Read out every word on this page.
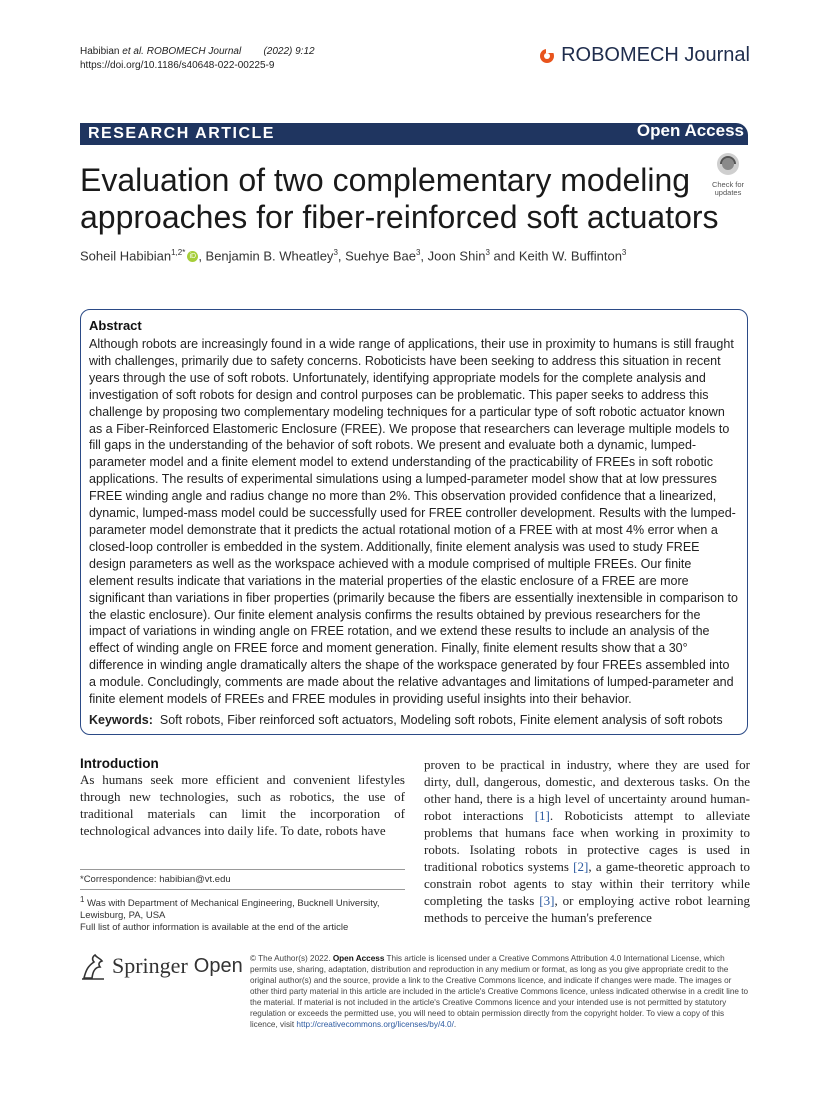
Habibian et al. ROBOMECH Journal (2022) 9:12
https://doi.org/10.1186/s40648-022-00225-9	ROBOMECH Journal
RESEARCH ARTICLE	Open Access
Evaluation of two complementary modeling approaches for fiber-reinforced soft actuators
Check for
updates
Soheil Habibian$^{1,2*}$ iD , Benjamin B. Wheatley$^3$, Suehye Bae$^3$, Joon Shin$^3$ and Keith W. Buffinton$^3$
Abstract
Although robots are increasingly found in a wide range of applications, their use in proximity to humans is still fraught with challenges, primarily due to safety concerns. Roboticists have been seeking to address this situation in recent years through the use of soft robots. Unfortunately, identifying appropriate models for the complete analysis and investigation of soft robots for design and control purposes can be problematic. This paper seeks to address this challenge by proposing two complementary modeling techniques for a particular type of soft robotic actuator known as a Fiber-Reinforced Elastomeric Enclosure (FREE). We propose that researchers can leverage multiple models to fill gaps in the understanding of the behavior of soft robots. We present and evaluate both a dynamic, lumped-parameter model and a finite element model to extend understanding of the practicability of FREEs in soft robotic applications. The results of experimental simulations using a lumped-parameter model show that at low pressures FREE winding angle and radius change no more than 2%. This observation provided confidence that a linearized, dynamic, lumped-mass model could be successfully used for FREE controller development. Results with the lumped-parameter model demonstrate that it predicts the actual rotational motion of a FREE with at most 4% error when a closed-loop controller is embedded in the system. Additionally, finite element analysis was used to study FREE design parameters as well as the workspace achieved with a module comprised of multiple FREEs. Our finite element results indicate that variations in the material properties of the elastic enclosure of a FREE are more significant than variations in fiber properties (primarily because the fibers are essentially inextensible in comparison to the elastic enclosure). Our finite element analysis confirms the results obtained by previous researchers for the impact of variations in winding angle on FREE rotation, and we extend these results to include an analysis of the effect of winding angle on FREE force and moment generation. Finally, finite element results show that a 30° difference in winding angle dramatically alters the shape of the workspace generated by four FREEs assembled into a module. Concludingly, comments are made about the relative advantages and limitations of lumped-parameter and finite element models of FREEs and FREE modules in providing useful insights into their behavior.
Keywords: Soft robots, Fiber reinforced soft actuators, Modeling soft robots, Finite element analysis of soft robots
Introduction
As humans seek more efficient and convenient lifestyles through new technologies, such as robotics, the use of traditional materials can limit the incorporation of technological advances into daily life. To date, robots have
proven to be practical in industry, where they are used for dirty, dull, dangerous, domestic, and dexterous tasks. On the other hand, there is a high level of uncertainty around human-robot interactions [1]. Roboticists attempt to alleviate problems that humans face when working in proximity to robots. Isolating robots in protective cages is used in traditional robotics systems [2], a game-theoretic approach to constrain robot agents to stay within their territory while completing the tasks [3], or employing active robot learning methods to perceive the human's preference
*Correspondence: habibian@vt.edu
$^1$ Was with Department of Mechanical Engineering, Bucknell University, Lewisburg, PA, USA
Full list of author information is available at the end of the article
Springer Open © The Author(s) 2022. Open Access This article is licensed under a Creative Commons Attribution 4.0 International License, which permits use, sharing, adaptation, distribution and reproduction in any medium or format, as long as you give appropriate credit to the original author(s) and the source, provide a link to the Creative Commons licence, and indicate if changes were made. The images or other third party material in this article are included in the article's Creative Commons licence, unless indicated otherwise in a credit line to the material. If material is not included in the article's Creative Commons licence and your intended use is not permitted by statutory regulation or exceeds the permitted use, you will need to obtain permission directly from the copyright holder. To view a copy of this licence, visit http://creativecommons.org/licenses/by/4.0/.
